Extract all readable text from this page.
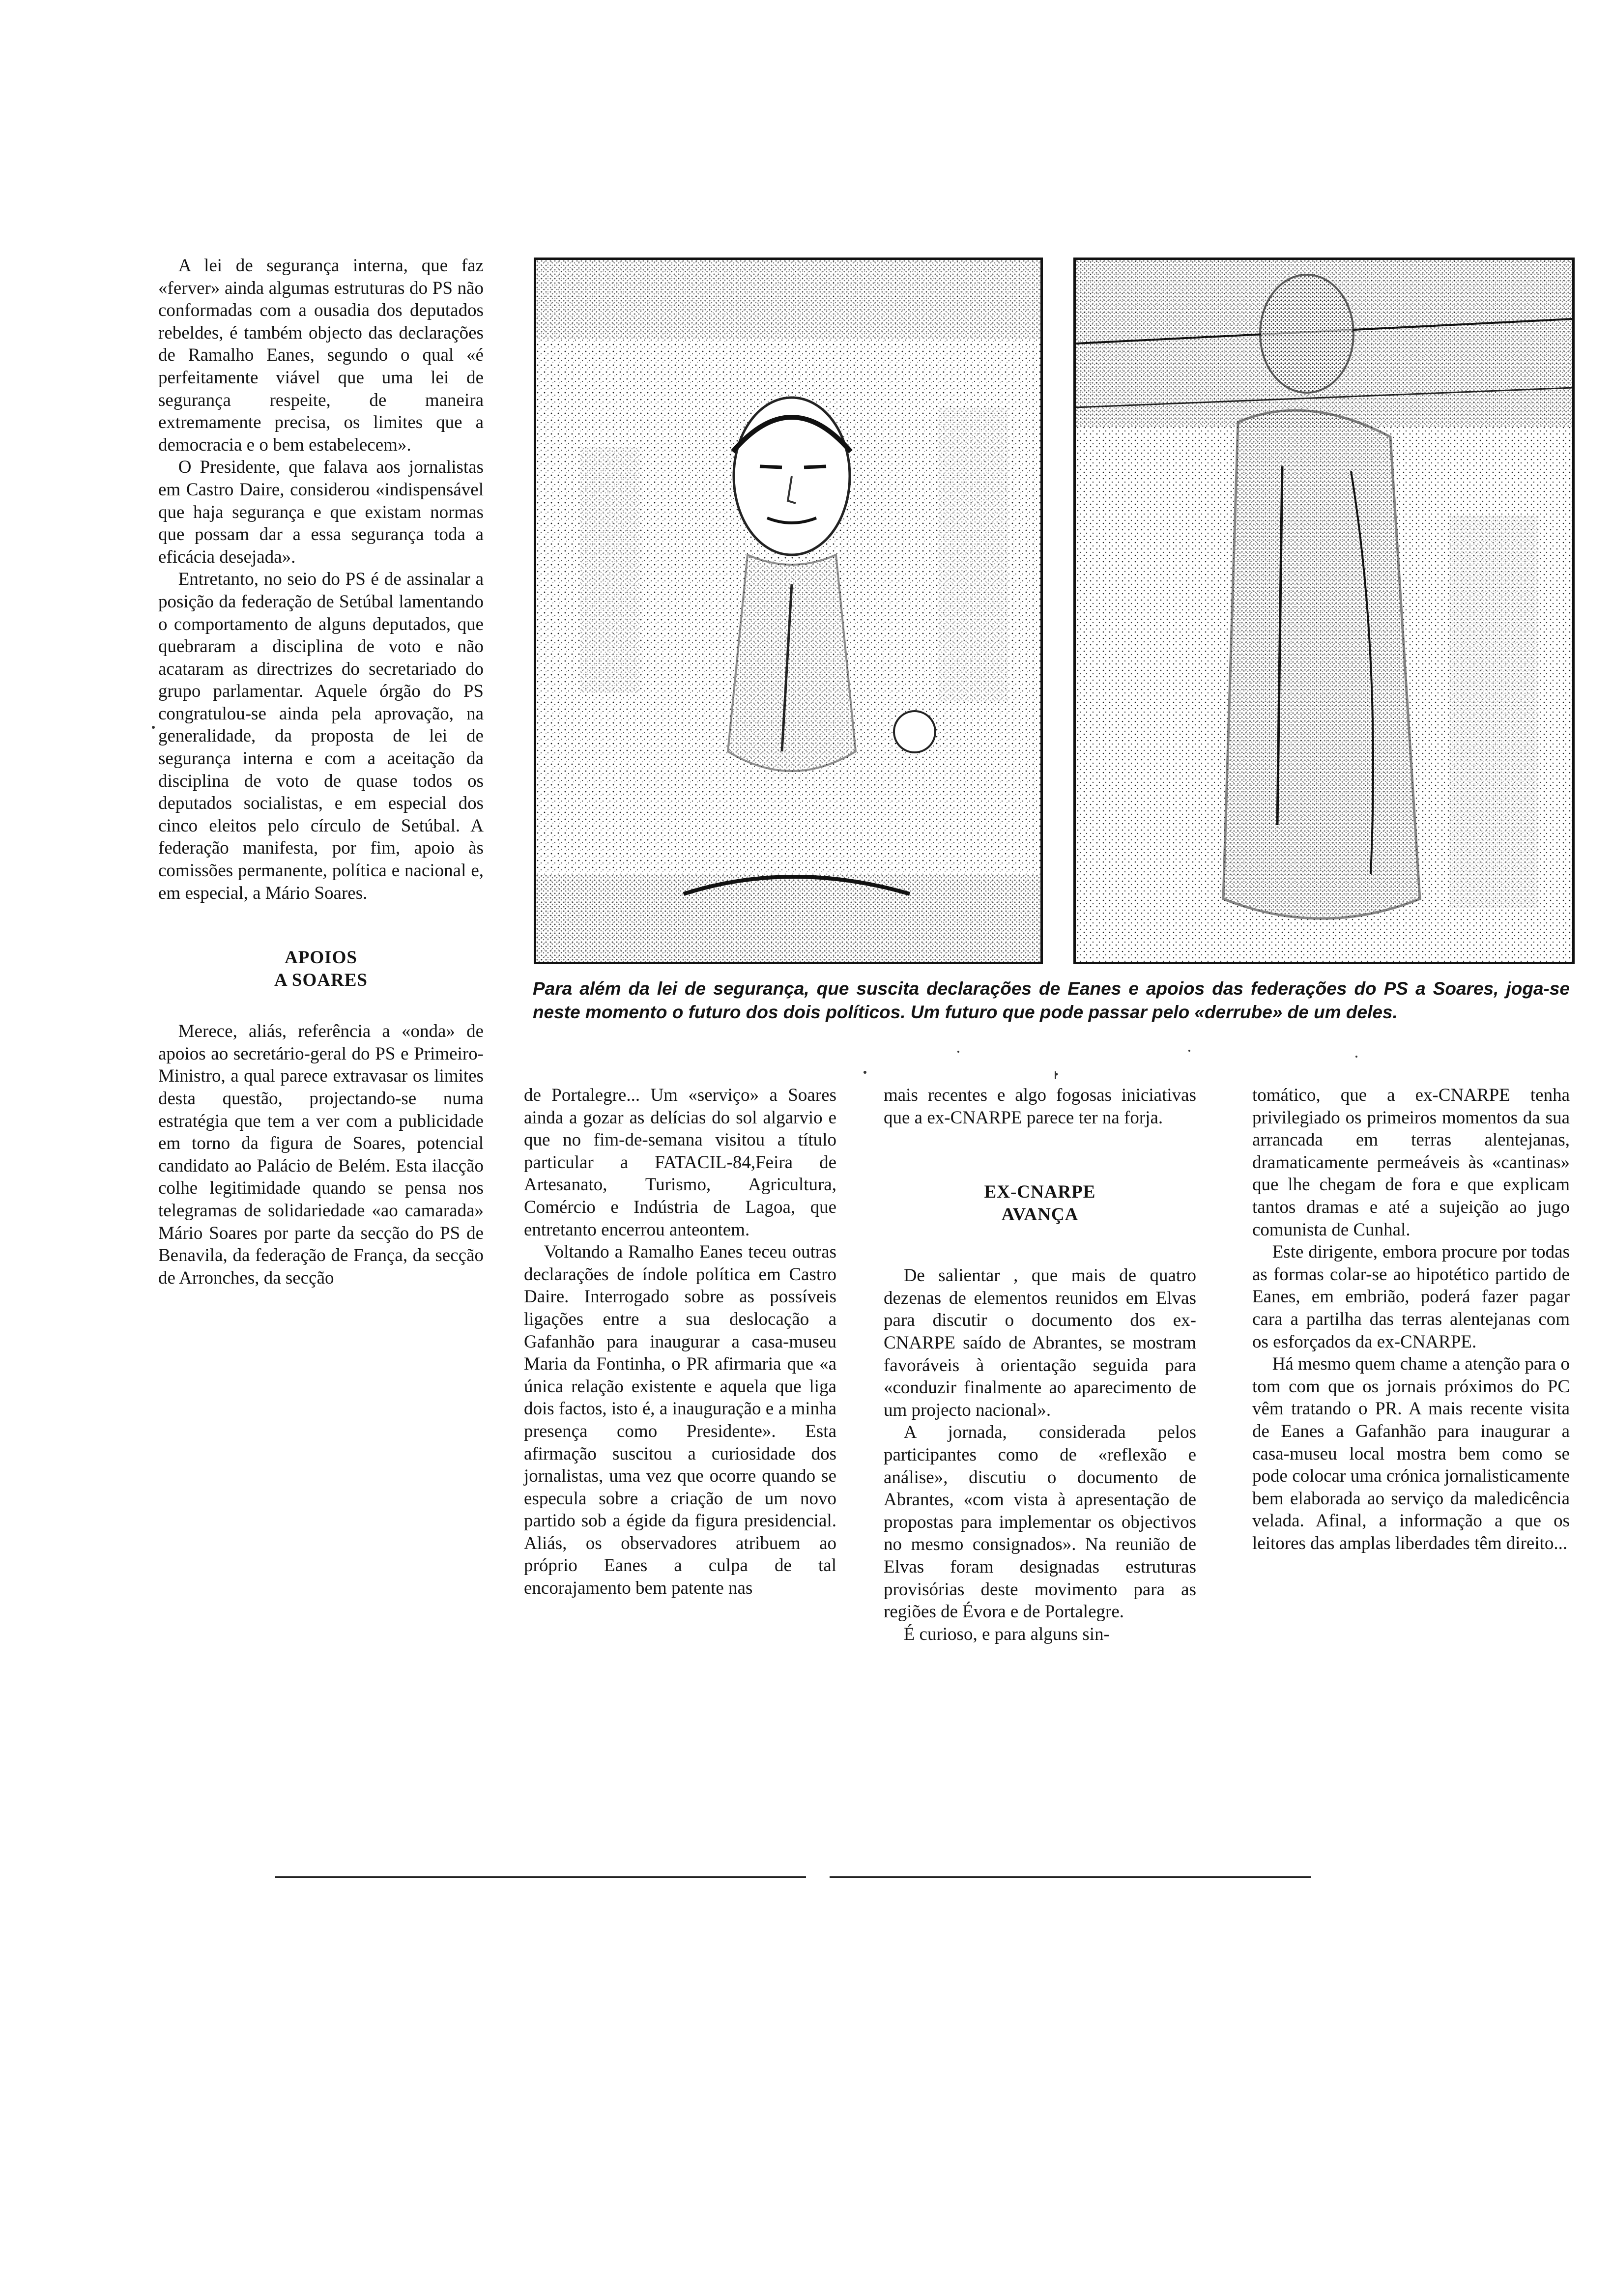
Para além da lei de segurança, que suscita declarações de Eanes e apoios das federações do PS a Soares, joga-se neste momento o futuro dos dois políticos. Um futuro que pode passar pelo «derrube» de um deles.

A lei de segurança interna, que faz «ferver» ainda algumas estruturas do PS não conformadas com a ousadia dos deputados rebeldes, é também objecto das declarações de Ramalho Eanes, segundo o qual «é perfeitamente viável que uma lei de segurança respeite, de maneira extremamente precisa, os limites que a democracia e o bem estabelecem».

O Presidente, que falava aos jornalistas em Castro Daire, considerou «indispensável que haja segurança e que existam normas que possam dar a essa segurança toda a eficácia desejada».

Entretanto, no seio do PS é de assinalar a posição da federação de Setúbal lamentando o comportamento de alguns deputados, que quebraram a disciplina de voto e não acataram as directrizes do secretariado do grupo parlamentar. Aquele órgão do PS congratulou-se ainda pela aprovação, na generalidade, da proposta de lei de segurança interna e com a aceitação da disciplina de voto de quase todos os deputados socialistas, e em especial dos cinco eleitos pelo círculo de Setúbal. A federação manifesta, por fim, apoio às comissões permanente, política e nacional e, em especial, a Mário Soares.

APOIOS
A SOARES

Merece, aliás, referência a «onda» de apoios ao secretário-geral do PS e Primeiro-Ministro, a qual parece extravasar os limites desta questão, projectando-se numa estratégia que tem a ver com a publicidade em torno da figura de Soares, potencial candidato ao Palácio de Belém. Esta ilacção colhe legitimidade quando se pensa nos telegramas de solidariedade «ao camarada» Mário Soares por parte da secção do PS de Benavila, da federação de França, da secção de Arronches, da secção

de Portalegre... Um «serviço» a Soares ainda a gozar as delícias do sol algarvio e que no fim-de-semana visitou a título particular a FATACIL-84,Feira de Artesanato, Turismo, Agricultura, Comércio e Indústria de Lagoa, que entretanto encerrou anteontem.

Voltando a Ramalho Eanes teceu outras declarações de índole política em Castro Daire. Interrogado sobre as possíveis ligações entre a sua deslocação a Gafanhão para inaugurar a casa-museu Maria da Fontinha, o PR afirmaria que «a única relação existente e aquela que liga dois factos, isto é, a inauguração e a minha presença como Presidente». Esta afirmação suscitou a curiosidade dos jornalistas, uma vez que ocorre quando se especula sobre a criação de um novo partido sob a égide da figura presidencial. Aliás, os observadores atribuem ao próprio Eanes a culpa de tal encorajamento bem patente nas

mais recentes e algo fogosas iniciativas que a ex-CNARPE parece ter na forja.

EX-CNARPE
AVANÇA

De salientar , que mais de quatro dezenas de elementos reunidos em Elvas para discutir o documento dos ex-CNARPE saído de Abrantes, se mostram favoráveis à orientação seguida para «conduzir finalmente ao aparecimento de um projecto nacional».

A jornada, considerada pelos participantes como de «reflexão e análise», discutiu o documento de Abrantes, «com vista à apresentação de propostas para implementar os objectivos no mesmo consignados». Na reunião de Elvas foram designadas estruturas provisórias deste movimento para as regiões de Évora e de Portalegre.

É curioso, e para alguns sin-

tomático, que a ex-CNARPE tenha privilegiado os primeiros momentos da sua arrancada em terras alentejanas, dramaticamente permeáveis às «cantinas» que lhe chegam de fora e que explicam tantos dramas e até a sujeição ao jugo comunista de Cunhal.

Este dirigente, embora procure por todas as formas colar-se ao hipotético partido de Eanes, em embrião, poderá fazer pagar cara a partilha das terras alentejanas com os esforçados da ex-CNARPE.

Há mesmo quem chame a atenção para o tom com que os jornais próximos do PC vêm tratando o PR. A mais recente visita de Eanes a Gafanhão para inaugurar a casa-museu local mostra bem como se pode colocar uma crónica jornalisticamente bem elaborada ao serviço da maledicência velada. Afinal, a informação a que os leitores das amplas liberdades têm direito...
